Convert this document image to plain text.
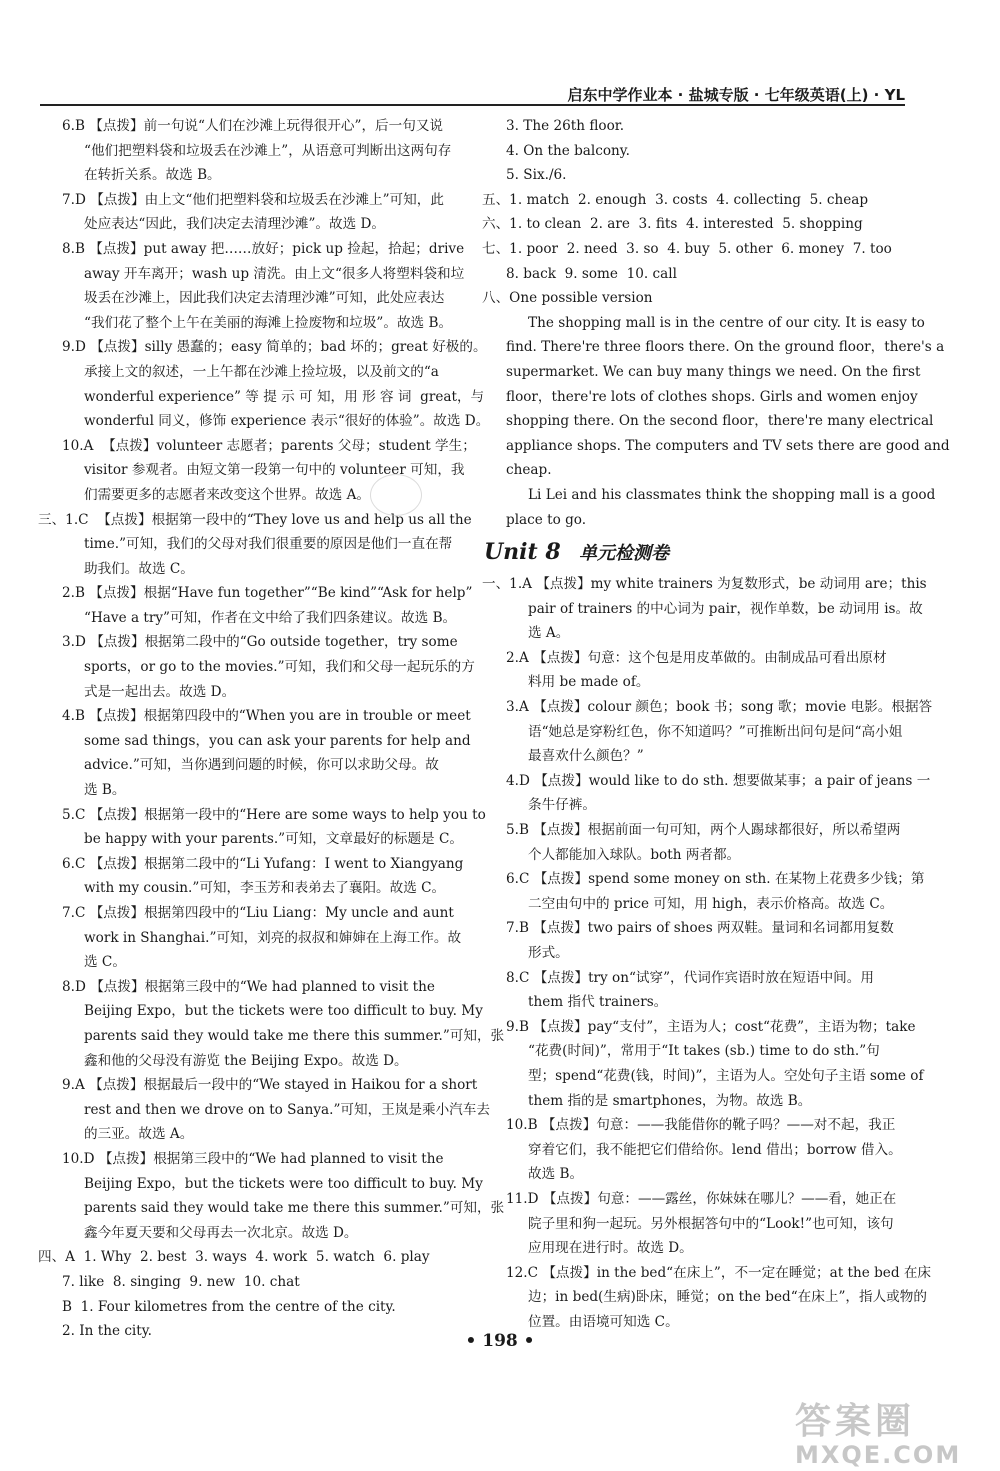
启东中学作业本 · 盐城专版 · 七年级英语(上) · YL
6.B 【点拨】前一句说“人们在沙滩上玩得很开心”，后一句又说
“他们把塑料袋和垃圾丢在沙滩上”，从语意可判断出这两句存
在转折关系。故选 B。
7.D 【点拨】由上文“他们把塑料袋和垃圾丢在沙滩上”可知，此
处应表达“因此，我们决定去清理沙滩”。故选 D。
8.B 【点拨】put away 把……放好；pick up 捡起，拾起；drive
away 开车离开；wash up 清洗。由上文“很多人将塑料袋和垃
圾丢在沙滩上，因此我们决定去清理沙滩”可知，此处应表达
“我们花了整个上午在美丽的海滩上捡废物和垃圾”。故选 B。
9.D 【点拨】silly 愚蠢的；easy 简单的；bad 坏的；great 好极的。
承接上文的叙述，一上午都在沙滩上捡垃圾，以及前文的“a
wonderful experience” 等 提 示 可 知，用 形 容 词  great，与
wonderful 同义，修饰 experience 表示“很好的体验”。故选 D。
10.A  【点拨】volunteer 志愿者；parents 父母；student 学生；
visitor 参观者。由短文第一段第一句中的 volunteer 可知，我
们需要更多的志愿者来改变这个世界。故选 A。
三、1.C  【点拨】根据第一段中的“They love us and help us all the
time.”可知，我们的父母对我们很重要的原因是他们一直在帮
助我们。故选 C。
2.B 【点拨】根据“Have fun together”“Be kind”“Ask for help”
“Have a try”可知，作者在文中给了我们四条建议。故选 B。
3.D 【点拨】根据第二段中的“Go outside together，try some
sports，or go to the movies.”可知，我们和父母一起玩乐的方
式是一起出去。故选 D。
4.B 【点拨】根据第四段中的“When you are in trouble or meet
some sad things，you can ask your parents for help and
advice.”可知，当你遇到问题的时候，你可以求助父母。故
选 B。
5.C 【点拨】根据第一段中的“Here are some ways to help you to
be happy with your parents.”可知，文章最好的标题是 C。
6.C 【点拨】根据第二段中的“Li Yufang：I went to Xiangyang
with my cousin.”可知，李玉芳和表弟去了襄阳。故选 C。
7.C 【点拨】根据第四段中的“Liu Liang：My uncle and aunt
work in Shanghai.”可知，刘亮的叔叔和婶婶在上海工作。故
选 C。
8.D 【点拨】根据第三段中的“We had planned to visit the
Beijing Expo，but the tickets were too difficult to buy. My
parents said they would take me there this summer.”可知，张
鑫和他的父母没有游览 the Beijing Expo。故选 D。
9.A 【点拨】根据最后一段中的“We stayed in Haikou for a short
rest and then we drove on to Sanya.”可知，王岚是乘小汽车去
的三亚。故选 A。
10.D 【点拨】根据第三段中的“We had planned to visit the
Beijing Expo，but the tickets were too difficult to buy. My
parents said they would take me there this summer.”可知，张
鑫今年夏天要和父母再去一次北京。故选 D。
四、A  1. Why  2. best  3. ways  4. work  5. watch  6. play
7. like  8. singing  9. new  10. chat
B  1. Four kilometres from the centre of the city.
2. In the city.
3. The 26th floor.
4. On the balcony.
5. Six./6.
五、1. match  2. enough  3. costs  4. collecting  5. cheap
六、1. to clean  2. are  3. fits  4. interested  5. shopping
七、1. poor  2. need  3. so  4. buy  5. other  6. money  7. too
8. back  9. some  10. call
八、One possible version
The shopping mall is in the centre of our city. It is easy to
find. There're three floors there. On the ground floor，there's a
supermarket. We can buy many things we need. On the first
floor，there're lots of clothes shops. Girls and women enjoy
shopping there. On the second floor，there're many electrical
appliance shops. The computers and TV sets there are good and
cheap.
Li Lei and his classmates think the shopping mall is a good
place to go.
Unit 8 单元检测卷
一、1.A 【点拨】my white trainers 为复数形式，be 动词用 are；this
pair of trainers 的中心词为 pair，视作单数，be 动词用 is。故
选 A。
2.A 【点拨】句意：这个包是用皮革做的。由制成品可看出原材
料用 be made of。
3.A 【点拨】colour 颜色；book 书；song 歌；movie 电影。根据答
语“她总是穿粉红色，你不知道吗？”可推断出问句是问“高小姐
最喜欢什么颜色？”
4.D 【点拨】would like to do sth. 想要做某事；a pair of jeans 一
条牛仔裤。
5.B 【点拨】根据前面一句可知，两个人踢球都很好，所以希望两
个人都能加入球队。both 两者都。
6.C 【点拨】spend some money on sth. 在某物上花费多少钱；第
二空由句中的 price 可知，用 high，表示价格高。故选 C。
7.B 【点拨】two pairs of shoes 两双鞋。量词和名词都用复数
形式。
8.C 【点拨】try on“试穿”，代词作宾语时放在短语中间。用
them 指代 trainers。
9.B 【点拨】pay“支付”，主语为人；cost“花费”，主语为物；take
“花费(时间)”，常用于“It takes (sb.) time to do sth.”句
型；spend“花费(钱，时间)”，主语为人。空处句子主语 some of
them 指的是 smartphones，为物。故选 B。
10.B 【点拨】句意：——我能借你的靴子吗？——对不起，我正
穿着它们，我不能把它们借给你。lend 借出；borrow 借入。
故选 B。
11.D 【点拨】句意：——露丝，你妹妹在哪儿？——看，她正在
院子里和狗一起玩。另外根据答句中的“Look!”也可知，该句
应用现在进行时。故选 D。
12.C 【点拨】in the bed“在床上”，不一定在睡觉；at the bed 在床
边；in bed(生病)卧床，睡觉；on the bed“在床上”，指人或物的
位置。由语境可知选 C。
• 198 •
答案圈
MXQE.COM
